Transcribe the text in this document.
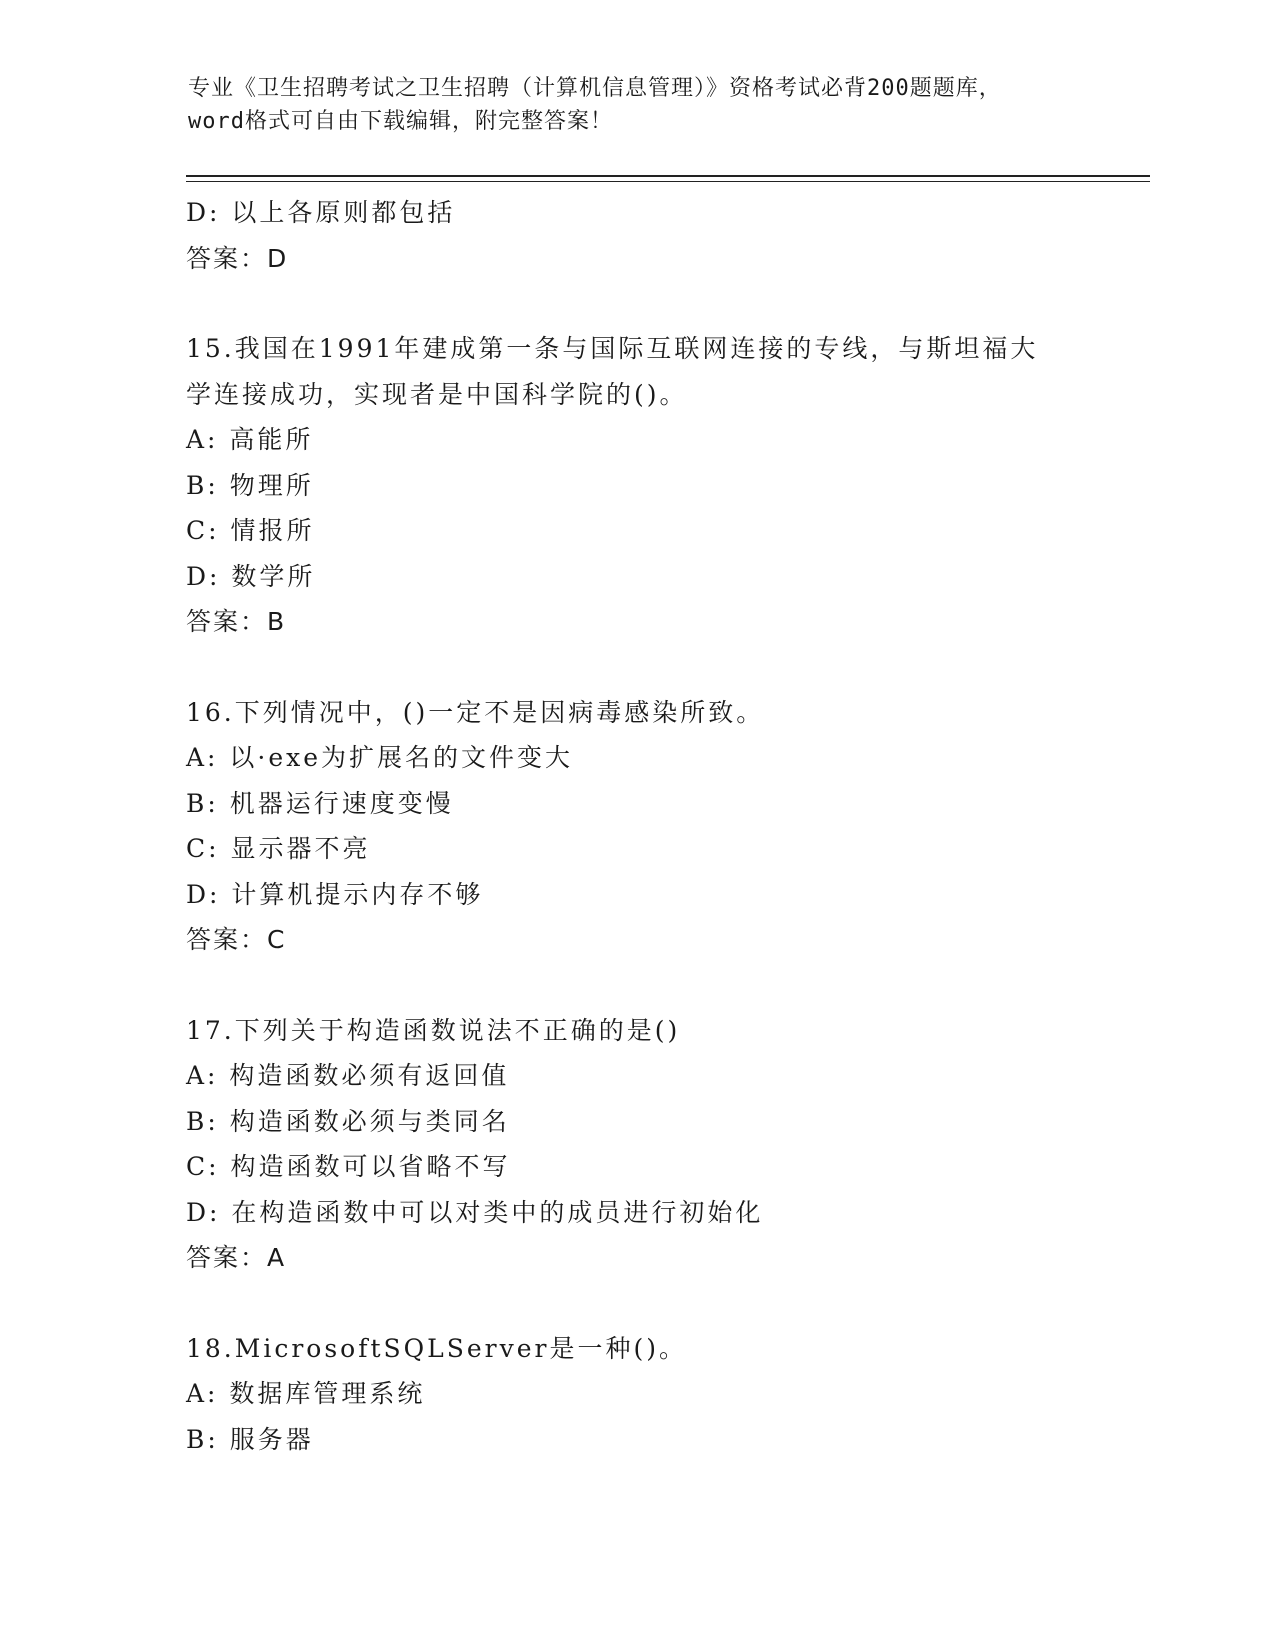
专业《卫生招聘考试之卫生招聘（计算机信息管理）》资格考试必背200题题库，
word格式可自由下载编辑，附完整答案！
D: 以上各原则都包括
答案：D
15.我国在1991年建成第一条与国际互联网连接的专线，与斯坦福大
学连接成功，实现者是中国科学院的()。
A: 高能所
B: 物理所
C: 情报所
D: 数学所
答案：B
16.下列情况中，()一定不是因病毒感染所致。
A: 以·exe为扩展名的文件变大
B: 机器运行速度变慢
C: 显示器不亮
D: 计算机提示内存不够
答案：C
17.下列关于构造函数说法不正确的是()
A: 构造函数必须有返回值
B: 构造函数必须与类同名
C: 构造函数可以省略不写
D: 在构造函数中可以对类中的成员进行初始化
答案：A
18.MicrosoftSQLServer是一种()。
A: 数据库管理系统
B: 服务器
